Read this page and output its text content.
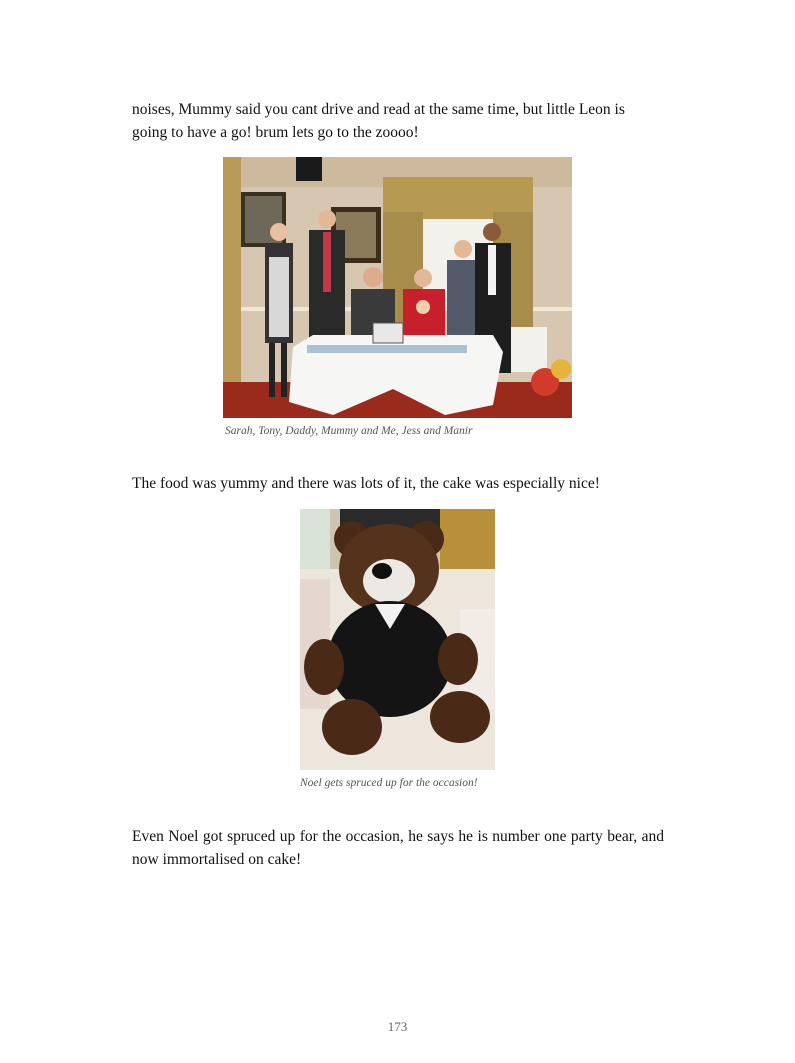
noises, Mummy said you cant drive and read at the same time, but little Leon is going to have a go! brum lets go to the zoooo!

Sarah, Tony, Daddy, Mummy and Me, Jess and Manir

The food was yummy and there was lots of it, the cake was especially nice!

Noel gets spruced up for the occasion!

Even Noel got spruced up for the occasion, he says he is number one party bear, and now immortalised on cake!

173
